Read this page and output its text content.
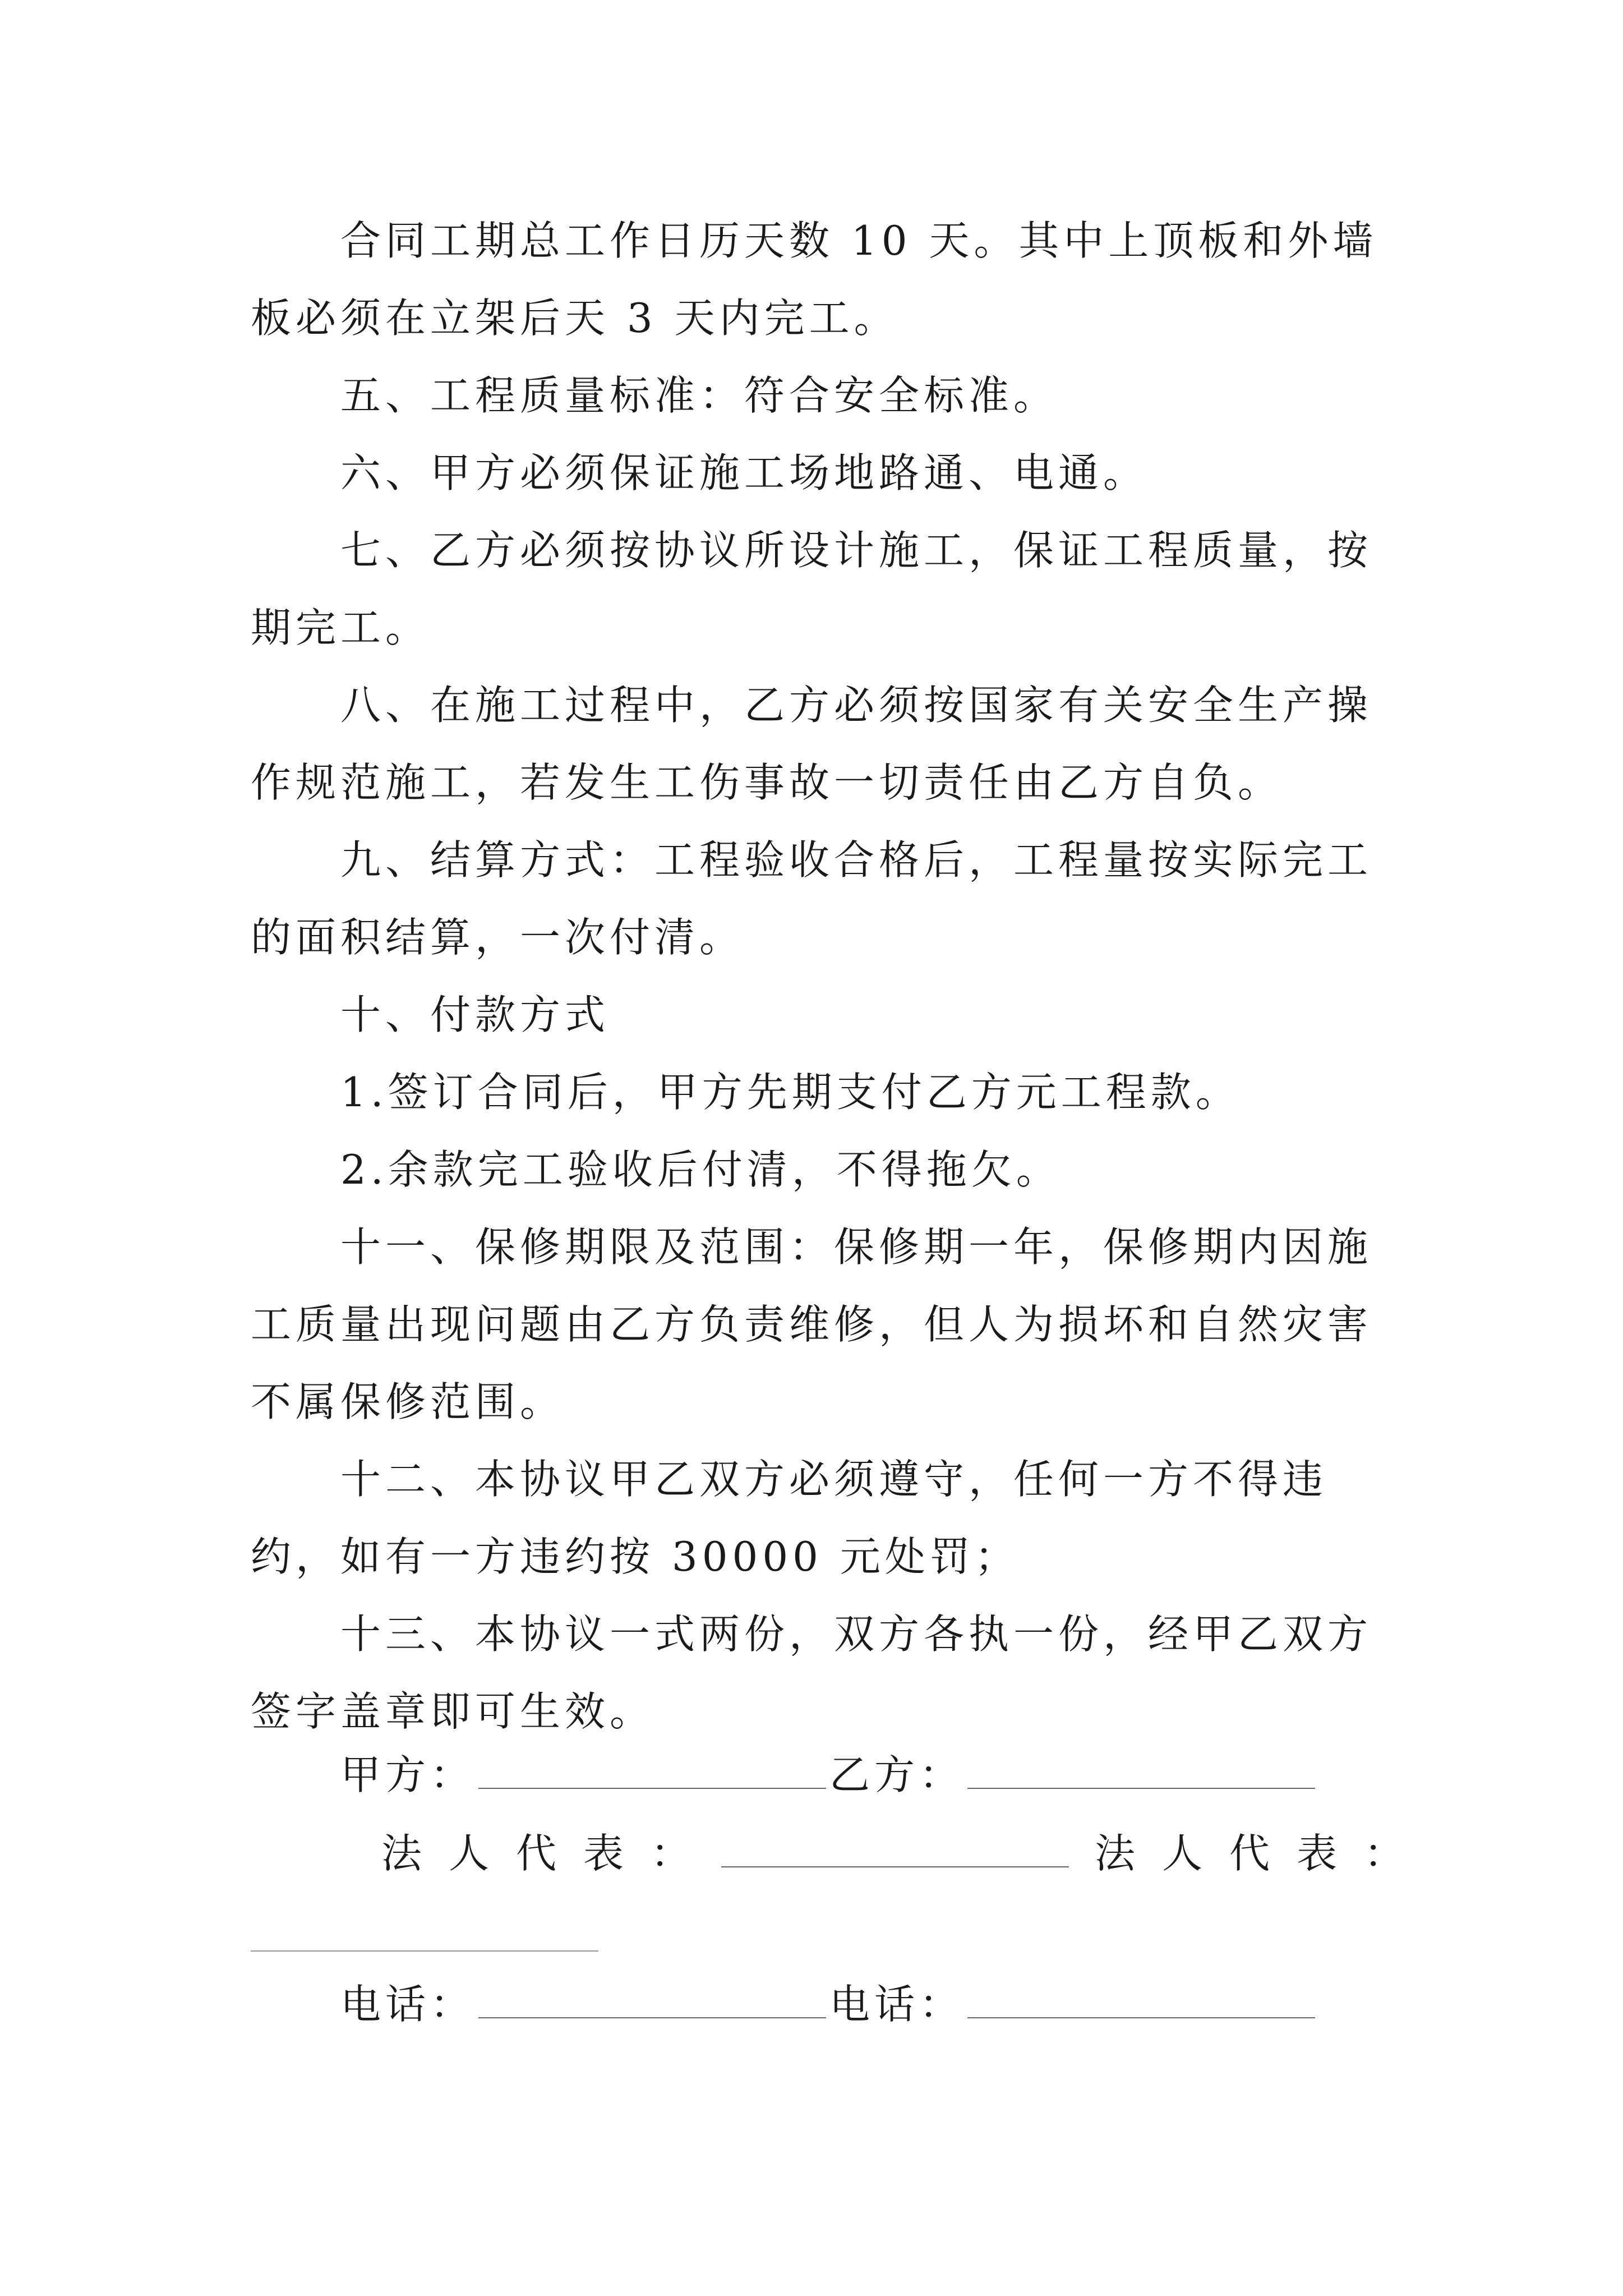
合同工期总工作日历天数 10 天。其中上顶板和外墙板必须在立架后天 3 天内完工。

五、工程质量标准：符合安全标准。

六、甲方必须保证施工场地路通、电通。

七、乙方必须按协议所设计施工，保证工程质量，按期完工。

八、在施工过程中，乙方必须按国家有关安全生产操作规范施工，若发生工伤事故一切责任由乙方自负。

九、结算方式：工程验收合格后，工程量按实际完工的面积结算，一次付清。

十、付款方式

1.签订合同后，甲方先期支付乙方元工程款。

2.余款完工验收后付清，不得拖欠。

十一、保修期限及范围：保修期一年，保修期内因施工质量出现问题由乙方负责维修，但人为损坏和自然灾害不属保修范围。

十二、本协议甲乙双方必须遵守，任何一方不得违约，如有一方违约按 30000 元处罚；

十三、本协议一式两份，双方各执一份，经甲乙双方签字盖章即可生效。

甲方：	乙方：
法人代表：	法人代表：
电话：	电话：
